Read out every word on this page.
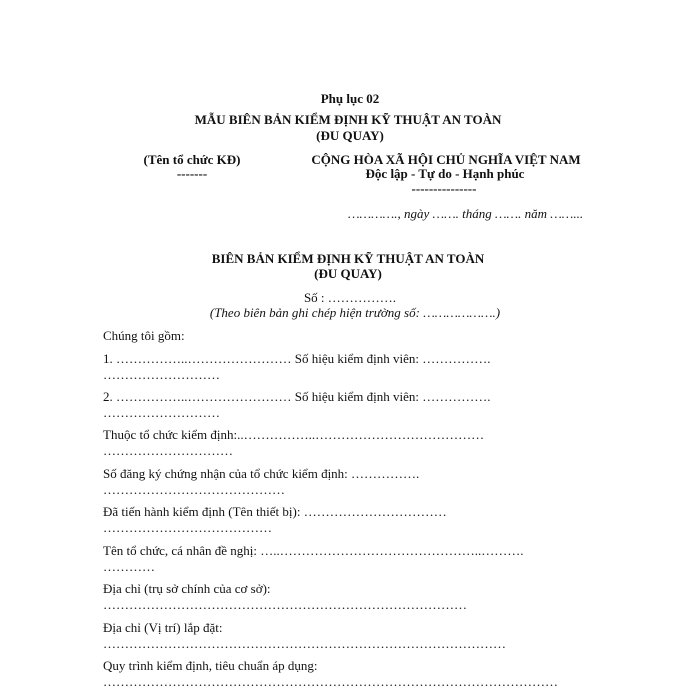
Phụ lục 02
MẪU BIÊN BẢN KIỂM ĐỊNH KỸ THUẬT AN TOÀN
(ĐU QUAY)
(Tên tổ chức KĐ)
-------
CỘNG HÒA XÃ HỘI CHỦ NGHĨA VIỆT NAM
Độc lập - Tự do - Hạnh phúc
---------------
…………., ngày ……. tháng ……. năm ……...
BIÊN BẢN KIỂM ĐỊNH KỸ THUẬT AN TOÀN
(ĐU QUAY)
Số : …………….
(Theo biên bản ghi chép hiện trường số: ……………….)
Chúng tôi gồm:
1. ……………..…………………… Số hiệu kiểm định viên: …………….
………………………
2. ……………..…………………… Số hiệu kiểm định viên: …………….
………………………
Thuộc tổ chức kiểm định:..……………..…………………………………
…………………………
Số đăng ký chứng nhận của tổ chức kiểm định: …………….
……………………………………
Đã tiến hành kiểm định (Tên thiết bị): ……………………………
…………………………………
Tên tổ chức, cá nhân đề nghị: …..………………………………………..……….
…………
Địa chỉ (trụ sở chính của cơ sở):
…………………………………………………………………………
Địa chỉ (Vị trí) lắp đặt:
…………………………………………………………………………………
Quy trình kiểm định, tiêu chuẩn áp dụng:
……………………………………………………………………………………………
